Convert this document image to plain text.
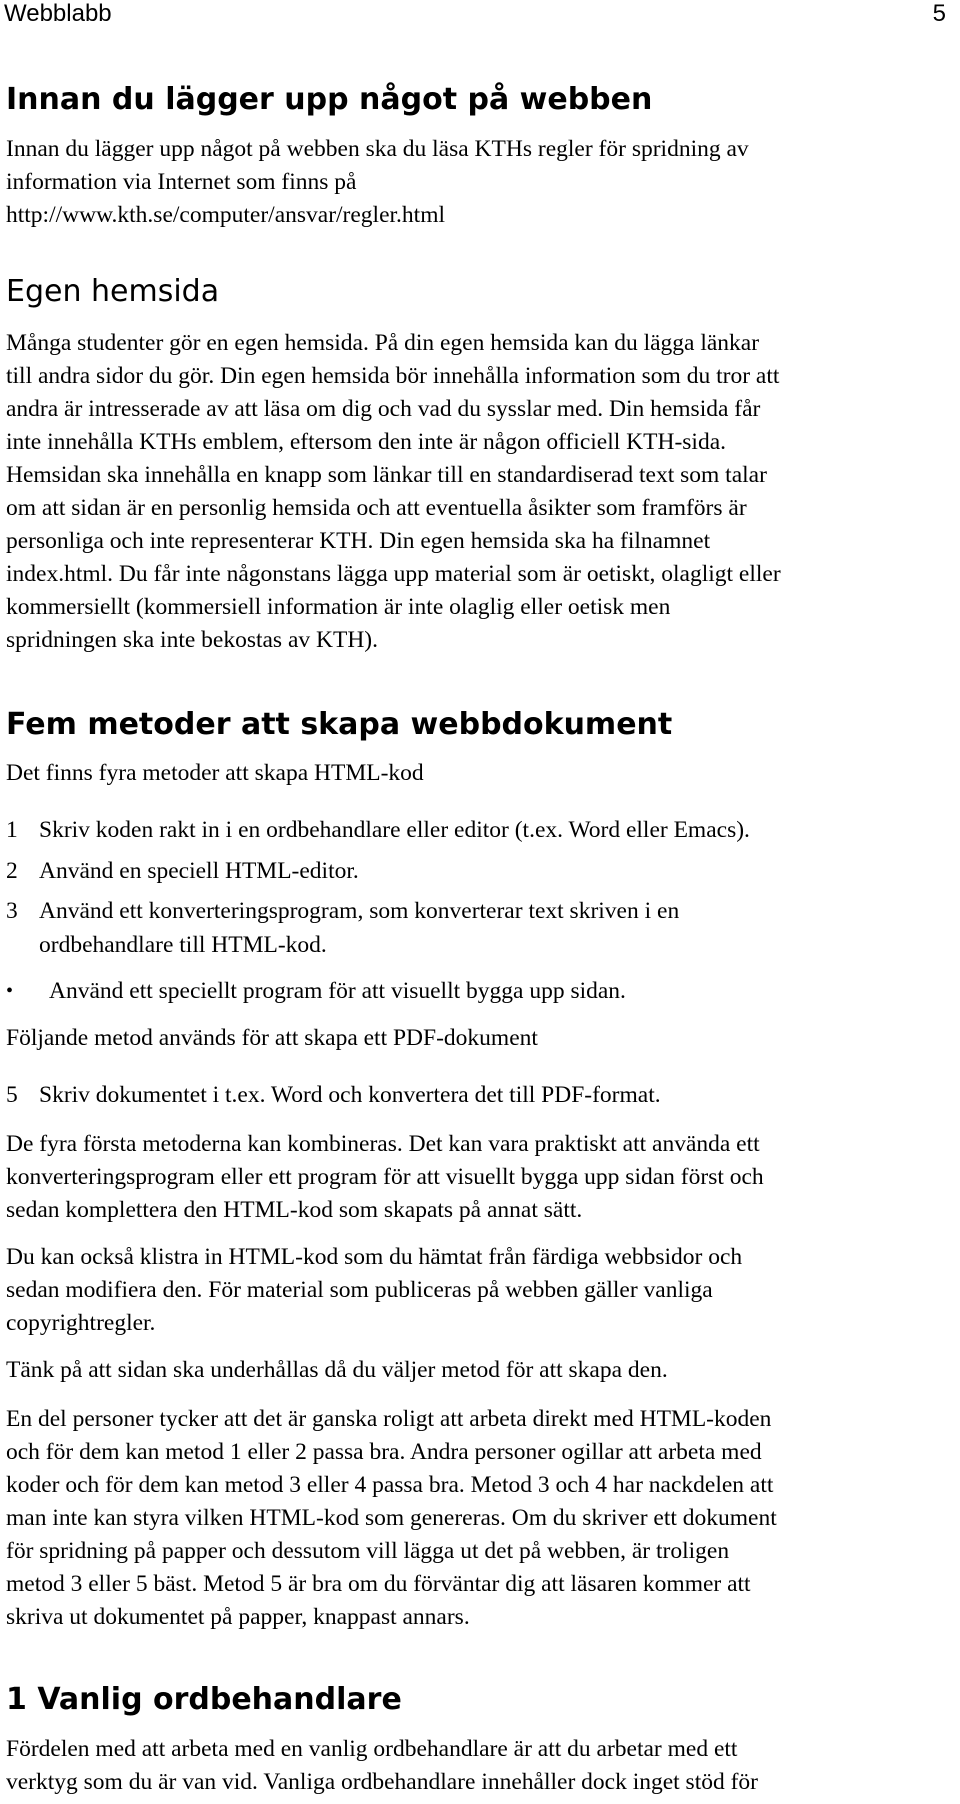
Webblabb	5
Innan du lägger upp något på webben
Innan du lägger upp något på webben ska du läsa KTHs regler för spridning av
information via Internet som finns på
http://www.kth.se/computer/ansvar/regler.html
Egen hemsida
Många studenter gör en egen hemsida. På din egen hemsida kan du lägga länkar
till andra sidor du gör. Din egen hemsida bör innehålla information som du tror att
andra är intresserade av att läsa om dig och vad du sysslar med. Din hemsida får
inte innehålla KTHs emblem, eftersom den inte är någon officiell KTH-sida.
Hemsidan ska innehålla en knapp som länkar till en standardiserad text som talar
om att sidan är en personlig hemsida och att eventuella åsikter som framförs är
personliga och inte representerar KTH. Din egen hemsida ska ha filnamnet
index.html. Du får inte någonstans lägga upp material som är oetiskt, olagligt eller
kommersiellt (kommersiell information är inte olaglig eller oetisk men
spridningen ska inte bekostas av KTH).
Fem metoder att skapa webbdokument
Det finns fyra metoder att skapa HTML-kod
1 Skriv koden rakt in i en ordbehandlare eller editor (t.ex. Word eller Emacs).
2 Använd en speciell HTML-editor.
3 Använd ett konverteringsprogram, som konverterar text skriven i en
ordbehandlare till HTML-kod.
• Använd ett speciellt program för att visuellt bygga upp sidan.
Följande metod används för att skapa ett PDF-dokument
5 Skriv dokumentet i t.ex. Word och konvertera det till PDF-format.
De fyra första metoderna kan kombineras. Det kan vara praktiskt att använda ett
konverteringsprogram eller ett program för att visuellt bygga upp sidan först och
sedan komplettera den HTML-kod som skapats på annat sätt.
Du kan också klistra in HTML-kod som du hämtat från färdiga webbsidor och
sedan modifiera den. För material som publiceras på webben gäller vanliga
copyrightregler.
Tänk på att sidan ska underhållas då du väljer metod för att skapa den.
En del personer tycker att det är ganska roligt att arbeta direkt med HTML-koden
och för dem kan metod 1 eller 2 passa bra. Andra personer ogillar att arbeta med
koder och för dem kan metod 3 eller 4 passa bra. Metod 3 och 4 har nackdelen att
man inte kan styra vilken HTML-kod som genereras. Om du skriver ett dokument
för spridning på papper och dessutom vill lägga ut det på webben, är troligen
metod 3 eller 5 bäst. Metod 5 är bra om du förväntar dig att läsaren kommer att
skriva ut dokumentet på papper, knappast annars.
1 Vanlig ordbehandlare
Fördelen med att arbeta med en vanlig ordbehandlare är att du arbetar med ett
verktyg som du är van vid. Vanliga ordbehandlare innehåller dock inget stöd för
